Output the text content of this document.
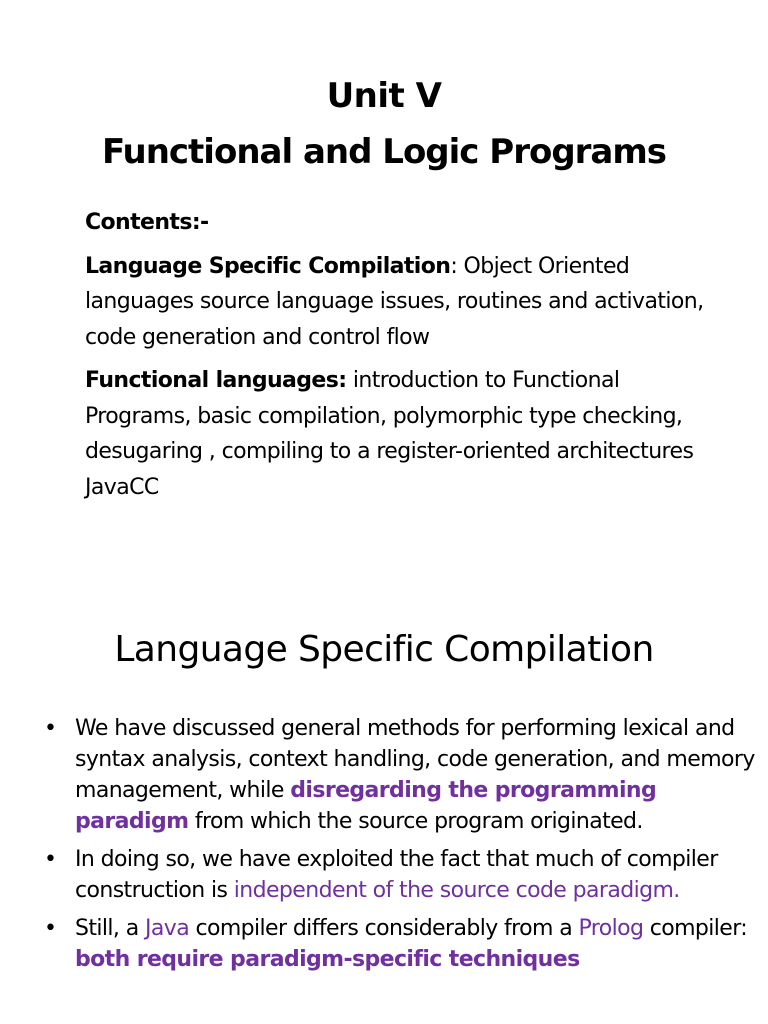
Unit V
Functional and Logic Programs

Contents:-

Language Specific Compilation: Object Oriented languages source language issues, routines and activation, code generation and control flow

Functional languages: introduction to Functional Programs, basic compilation, polymorphic type checking, desugaring , compiling to a register-oriented architectures JavaCC

Language Specific Compilation
• We have discussed general methods for performing lexical and syntax analysis, context handling, code generation, and memory management, while disregarding the programming paradigm from which the source program originated.
• In doing so, we have exploited the fact that much of compiler construction is independent of the source code paradigm.
• Still, a Java compiler differs considerably from a Prolog compiler: both require paradigm-specific techniques
